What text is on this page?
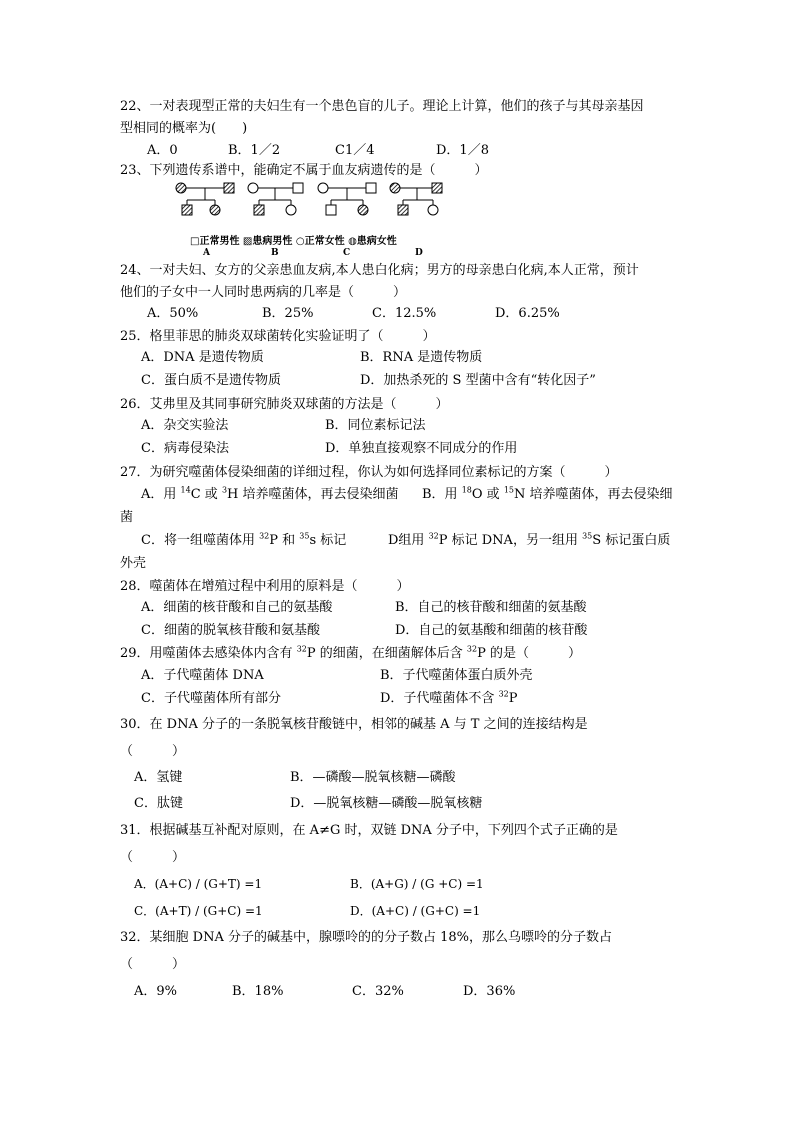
22、一对表现型正常的夫妇生有一个患色盲的儿子。理论上计算，他们的孩子与其母亲基因
型相同的概率为(　　)
A．0	B．1／2	C1／4	D．1／8
23、下列遗传系谱中，能确定不属于血友病遗传的是（　　　）
□正常男性 ▨患病男性 ○正常女性 ◍患病女性
A	B	C	D
24、一对夫妇、女方的父亲患血友病,本人患白化病；男方的母亲患白化病,本人正常，预计
他们的子女中一人同时患两病的几率是（　　　）
A．50%	B．25%	C．12.5%	D．6.25%
25．格里菲思的肺炎双球菌转化实验证明了（　　　）
A．DNA 是遗传物质	B．RNA 是遗传物质
C．蛋白质不是遗传物质	D．加热杀死的 S 型菌中含有“转化因子”
26．艾弗里及其同事研究肺炎双球菌的方法是（　　　）
A．杂交实验法	B．同位素标记法
C．病毒侵染法	D．单独直接观察不同成分的作用
27．为研究噬菌体侵染细菌的详细过程，你认为如何选择同位素标记的方案（　　　）
A．用 $^{14}$C 或 $^3$H 培养噬菌体，再去侵染细菌 B．用 $^{18}$O 或 $^{15}$N 培养噬菌体，再去侵染细
菌
C．将一组噬菌体用 $^{32}$P 和 $^{35}$s 标记	D组用 $^{32}$P 标记 DNA，另一组用 $^{35}$S 标记蛋白质
外壳
28．噬菌体在增殖过程中利用的原料是（　　　）
A．细菌的核苷酸和自己的氨基酸	B．自己的核苷酸和细菌的氨基酸
C．细菌的脱氧核苷酸和氨基酸	D．自己的氨基酸和细菌的核苷酸
29．用噬菌体去感染体内含有 $^{32}$P 的细菌，在细菌解体后含 $^{32}$P 的是（　　　）
A．子代噬菌体 DNA	B．子代噬菌体蛋白质外壳
C．子代噬菌体所有部分	D．子代噬菌体不含 $^{32}$P
30．在 DNA 分子的一条脱氧核苷酸链中，相邻的碱基 A 与 T 之间的连接结构是
（　　　）
A．氢键	B．—磷酸—脱氧核糖—磷酸
C．肽键	D．—脱氧核糖—磷酸—脱氧核糖
31．根据碱基互补配对原则，在 A≠G 时，双链 DNA 分子中，下列四个式子正确的是
（　　　）
A．(A+C) / (G+T) =1	B．(A+G) / (G +C) =1
C．(A+T) / (G+C) =1	D．(A+C) / (G+C) =1
32．某细胞 DNA 分子的碱基中，腺嘌呤的的分子数占 18%，那么乌嘌呤的分子数占
（　　　）
A．9%	B．18%	C．32%	D．36%
